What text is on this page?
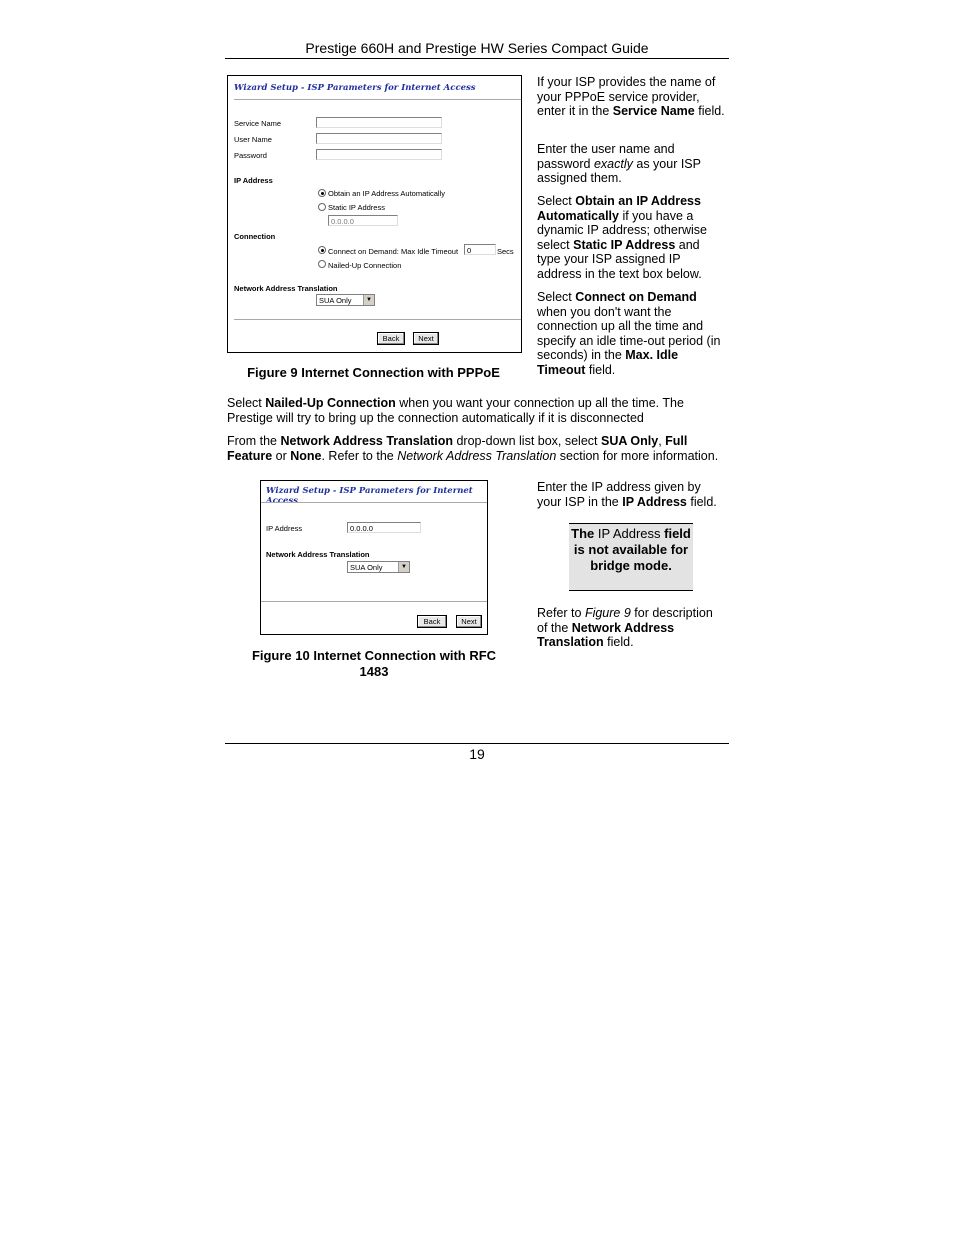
Prestige 660H and Prestige HW Series Compact Guide
Wizard Setup - ISP Parameters for Internet Access
Service Name
User Name
Password
IP Address
Obtain an IP Address Automatically
Static IP Address
0.0.0.0
Connection
Connect on Demand: Max Idle Timeout	0	Secs
Nailed-Up Connection
Network Address Translation
SUA Only	▼
Back	Next
Figure 9 Internet Connection with PPPoE
If your ISP provides the name of your PPPoE service provider, enter it in the Service Name field.
Enter the user name and password exactly as your ISP assigned them.
Select Obtain an IP Address Automatically if you have a dynamic IP address; otherwise select Static IP Address and type your ISP assigned IP address in the text box below.
Select Connect on Demand when you don't want the connection up all the time and specify an idle time-out period (in seconds) in the Max. Idle Timeout field.
Select Nailed-Up Connection when you want your connection up all the time. The Prestige will try to bring up the connection automatically if it is disconnected
From the Network Address Translation drop-down list box, select SUA Only, Full Feature or None. Refer to the Network Address Translation section for more information.
Wizard Setup - ISP Parameters for Internet Access
IP Address	0.0.0.0
Network Address Translation
SUA Only	▼
Back	Next
Figure 10 Internet Connection with RFC
1483
Enter the IP address given by your ISP in the IP Address field.
The IP Address field is not available for bridge mode.
Refer to Figure 9 for description of the Network Address Translation field.
19
